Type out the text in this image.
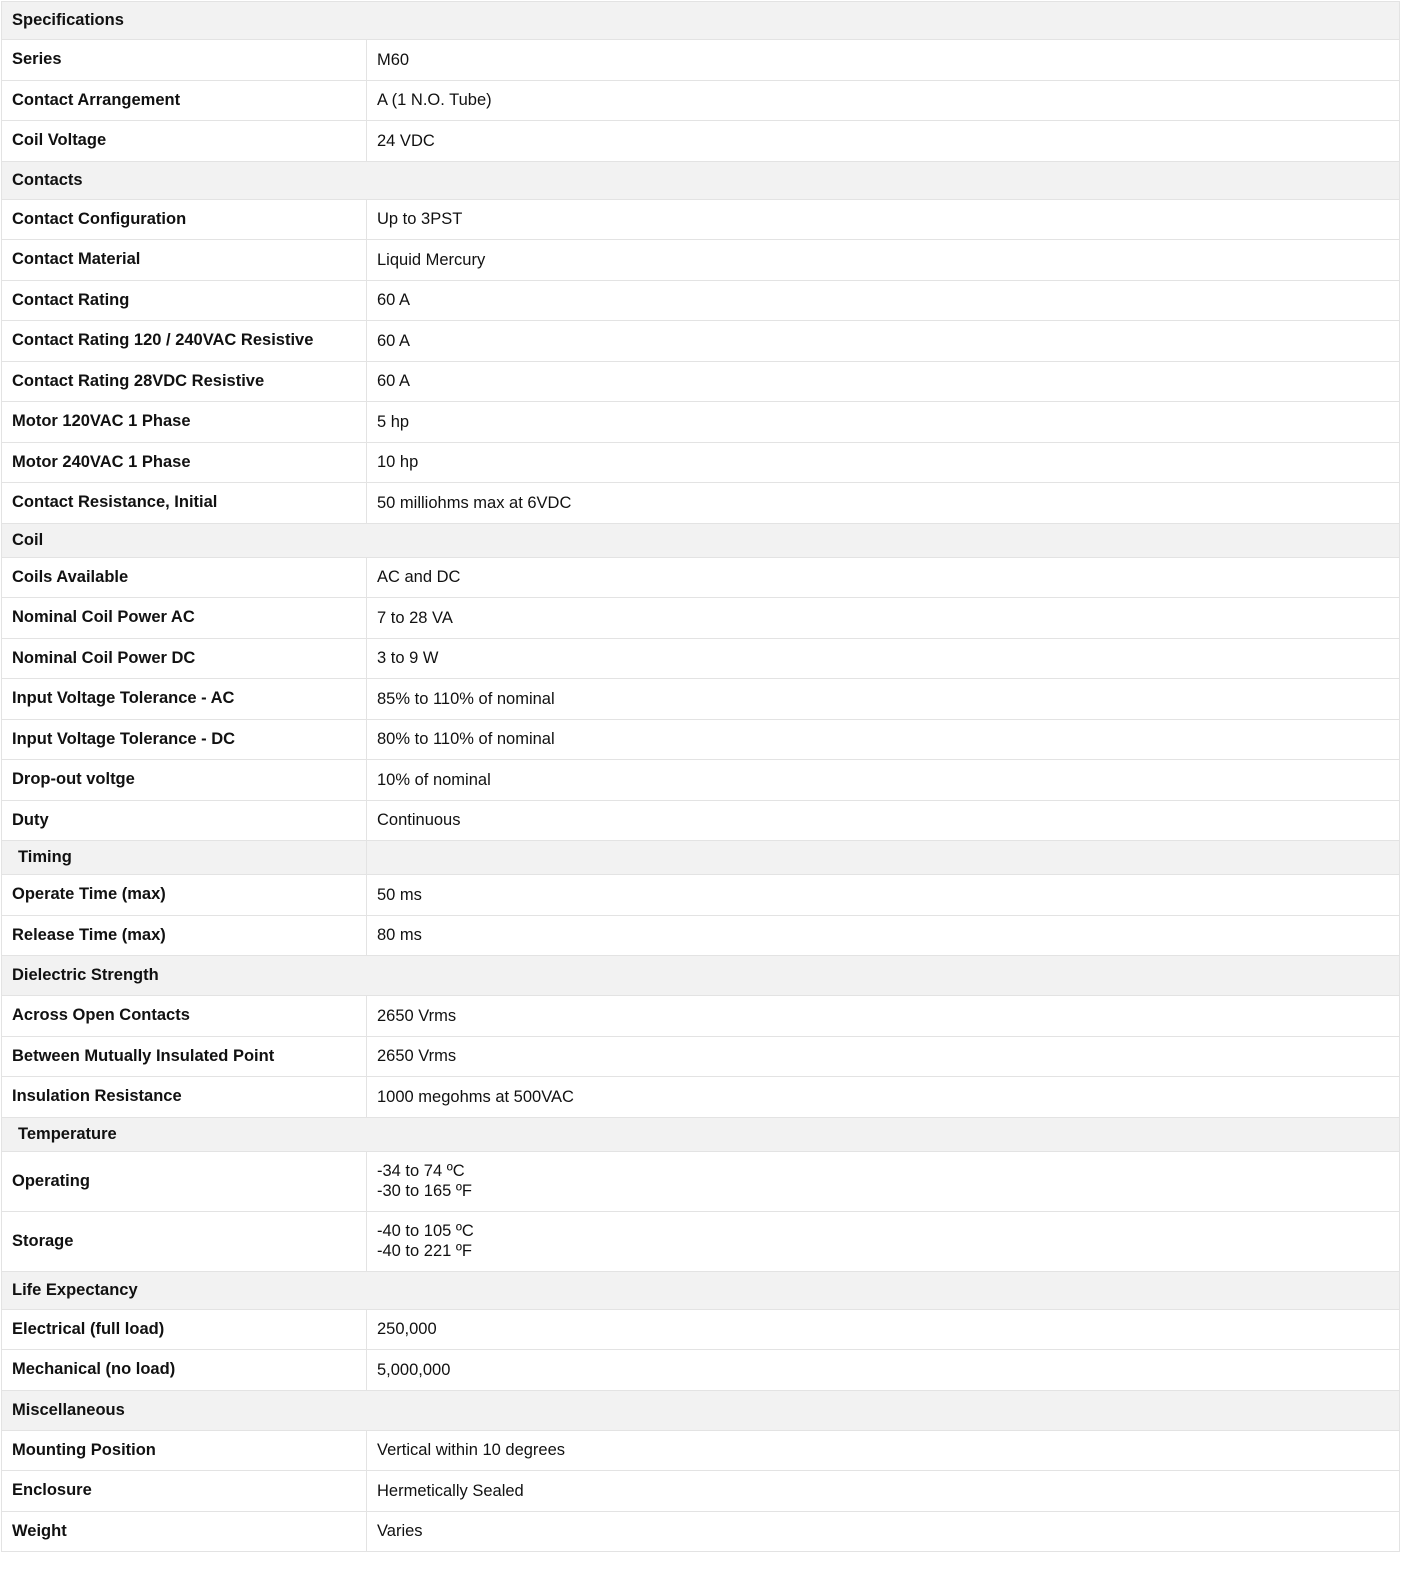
Specifications	
Series	M60

Contact Arrangement	A (1 N.O. Tube)

Coil Voltage	24 VDC

Contacts	
Contact Configuration	Up to 3PST

Contact Material	Liquid Mercury

Contact Rating	60 A

Contact Rating 120 / 240VAC Resistive	60 A

Contact Rating 28VDC Resistive	60 A

Motor 120VAC 1 Phase	5 hp

Motor 240VAC 1 Phase	10 hp

Contact Resistance, Initial	50 milliohms max at 6VDC

Coil	
Coils Available	AC and DC

Nominal Coil Power AC	7 to 28 VA

Nominal Coil Power DC	3 to 9 W

Input Voltage Tolerance - AC	85% to 110% of nominal

Input Voltage Tolerance - DC	80% to 110% of nominal

Drop-out voltge	10% of nominal

Duty	Continuous

Timing	
Operate Time (max)	50 ms

Release Time (max)	80 ms

Dielectric Strength	
Across Open Contacts	2650 Vrms

Between Mutually Insulated Point	2650 Vrms

Insulation Resistance	1000 megohms at 500VAC

Temperature	
Operating	-34 to 74 ºC
-30 to 165 ºF

Storage	-40 to 105 ºC
-40 to 221 ºF

Life Expectancy	
Electrical (full load)	250,000

Mechanical (no load)	5,000,000

Miscellaneous	
Mounting Position	Vertical within 10 degrees

Enclosure	Hermetically Sealed

Weight	Varies
